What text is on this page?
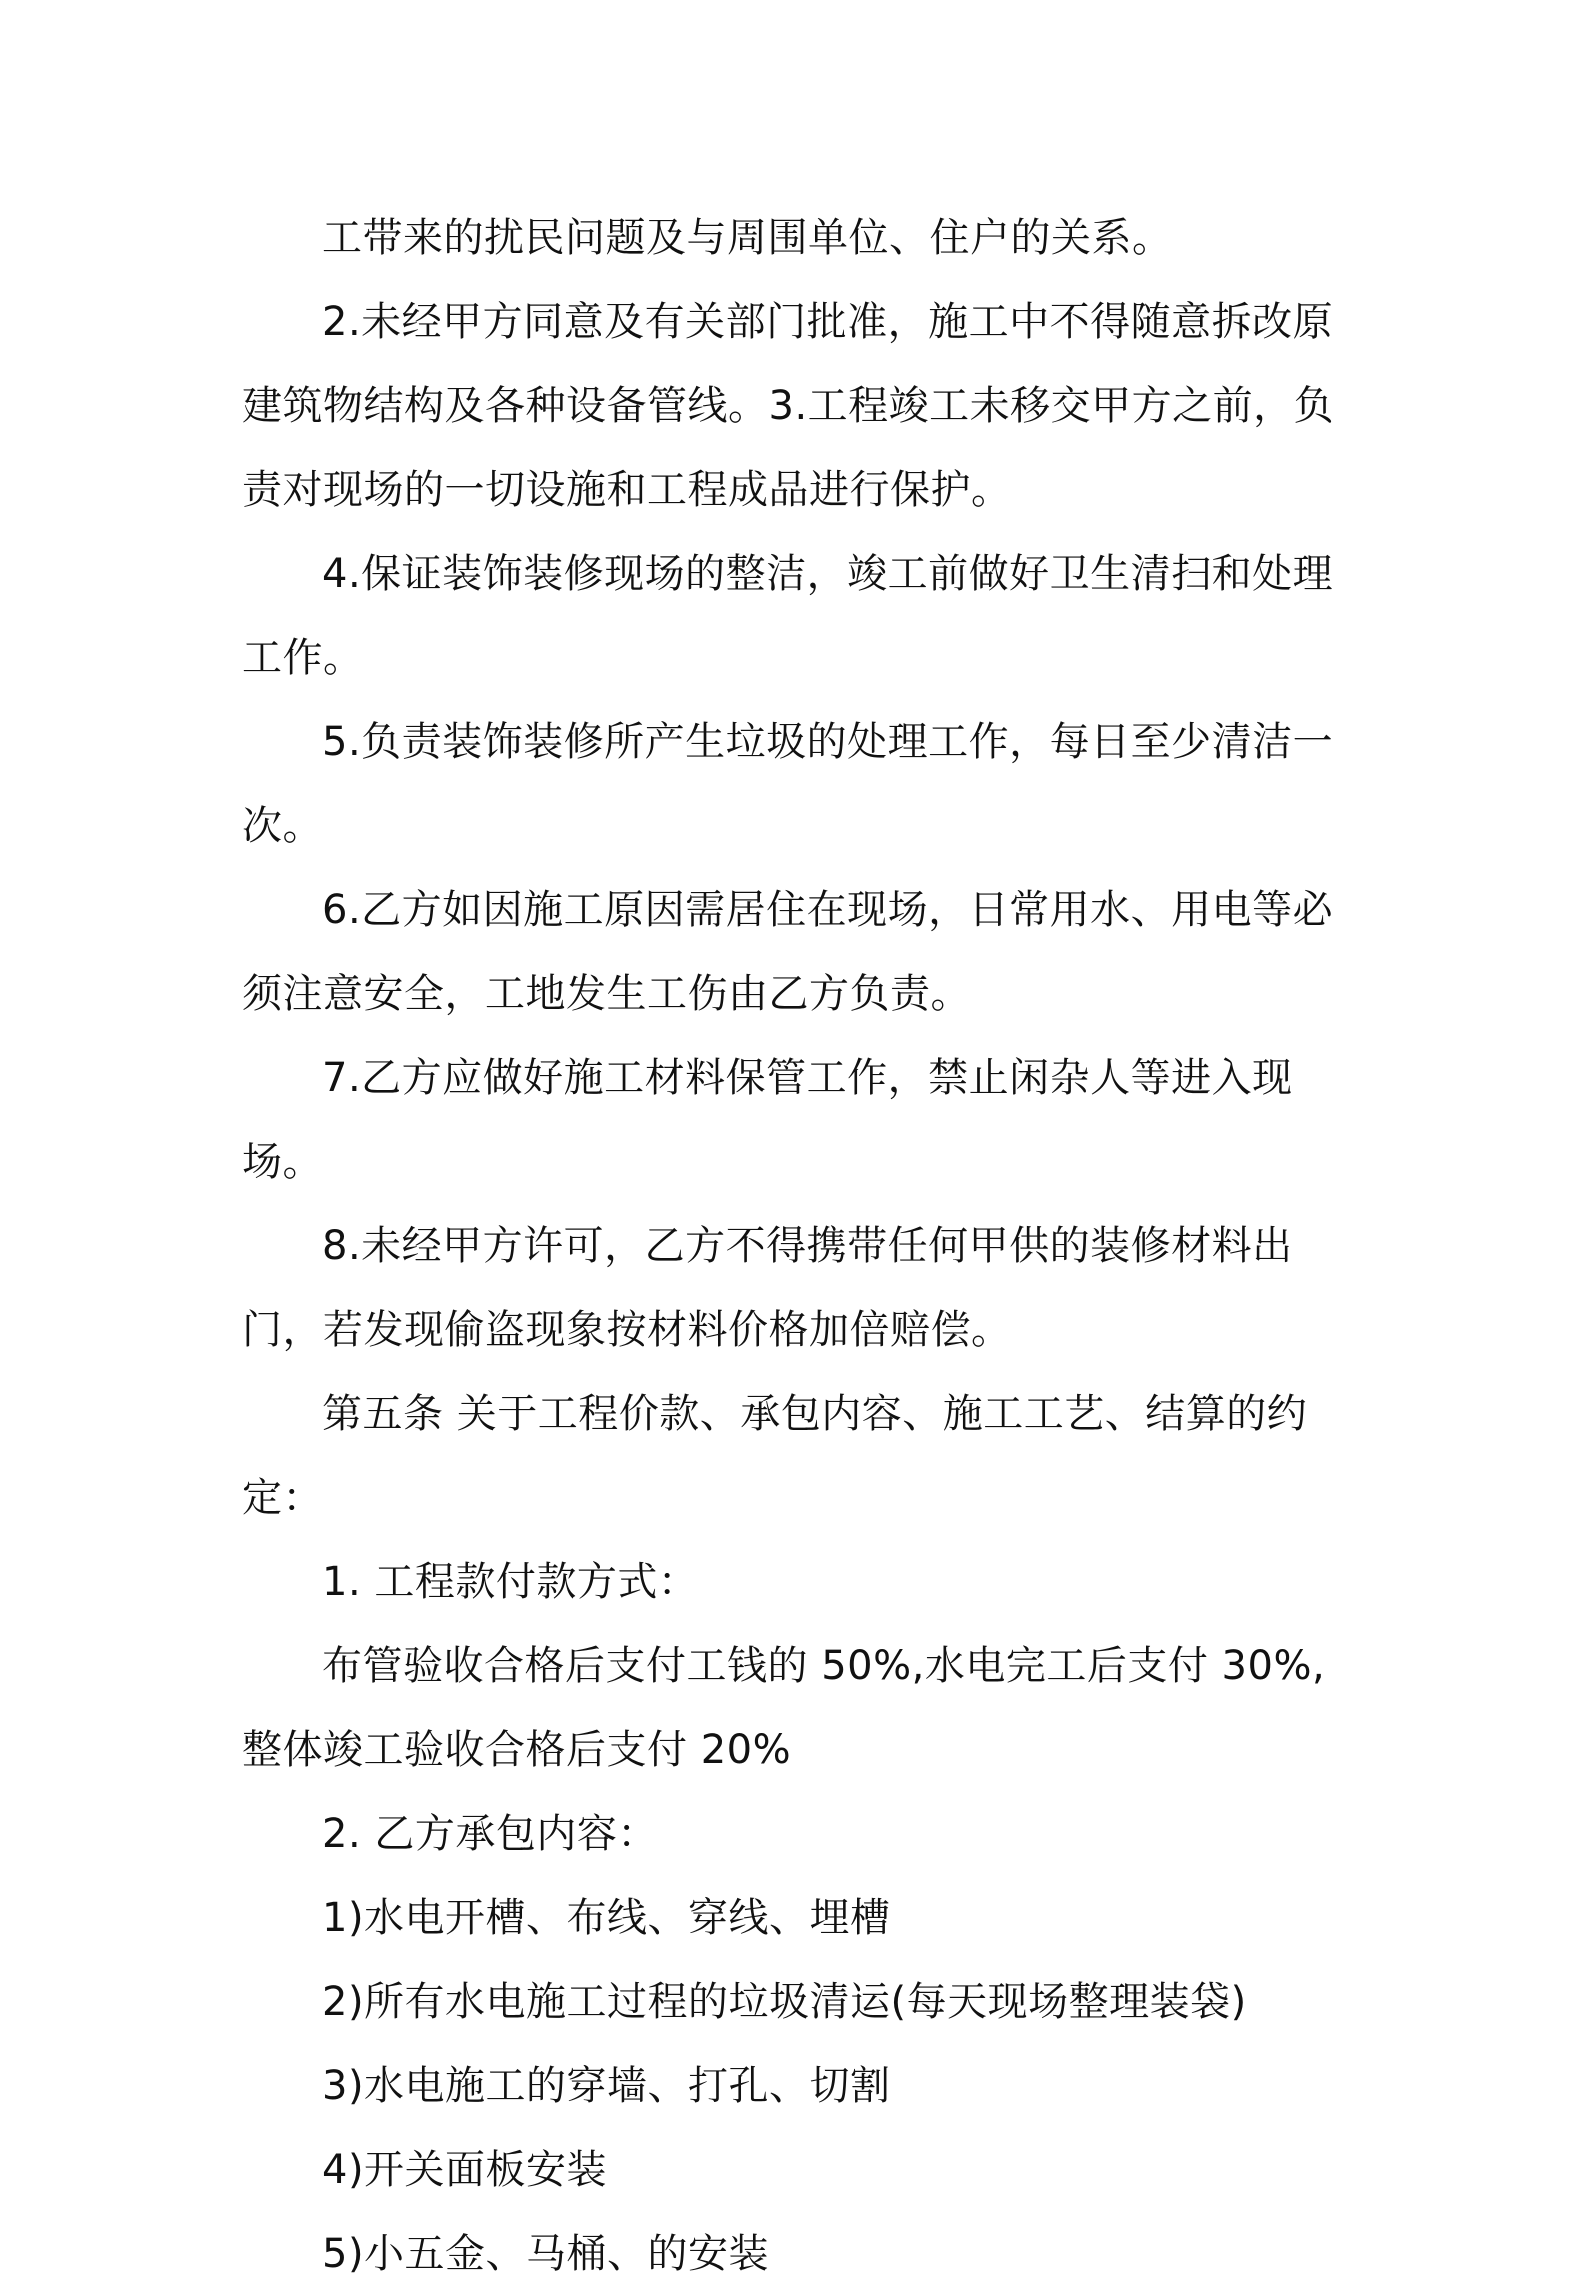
工带来的扰民问题及与周围单位、住户的关系。

2.未经甲方同意及有关部门批准，施工中不得随意拆改原建筑物结构及各种设备管线。3.工程竣工未移交甲方之前，负责对现场的一切设施和工程成品进行保护。

4.保证装饰装修现场的整洁，竣工前做好卫生清扫和处理工作。

5.负责装饰装修所产生垃圾的处理工作，每日至少清洁一次。

6.乙方如因施工原因需居住在现场，日常用水、用电等必须注意安全，工地发生工伤由乙方负责。

7.乙方应做好施工材料保管工作，禁止闲杂人等进入现场。

8.未经甲方许可，乙方不得携带任何甲供的装修材料出门，若发现偷盗现象按材料价格加倍赔偿。

第五条 关于工程价款、承包内容、施工工艺、结算的约定：

1. 工程款付款方式：

布管验收合格后支付工钱的 50%,水电完工后支付 30%,整体竣工验收合格后支付 20%

2. 乙方承包内容：

1)水电开槽、布线、穿线、埋槽

2)所有水电施工过程的垃圾清运(每天现场整理装袋)

3)水电施工的穿墙、打孔、切割

4)开关面板安装

5)小五金、马桶、的安装
